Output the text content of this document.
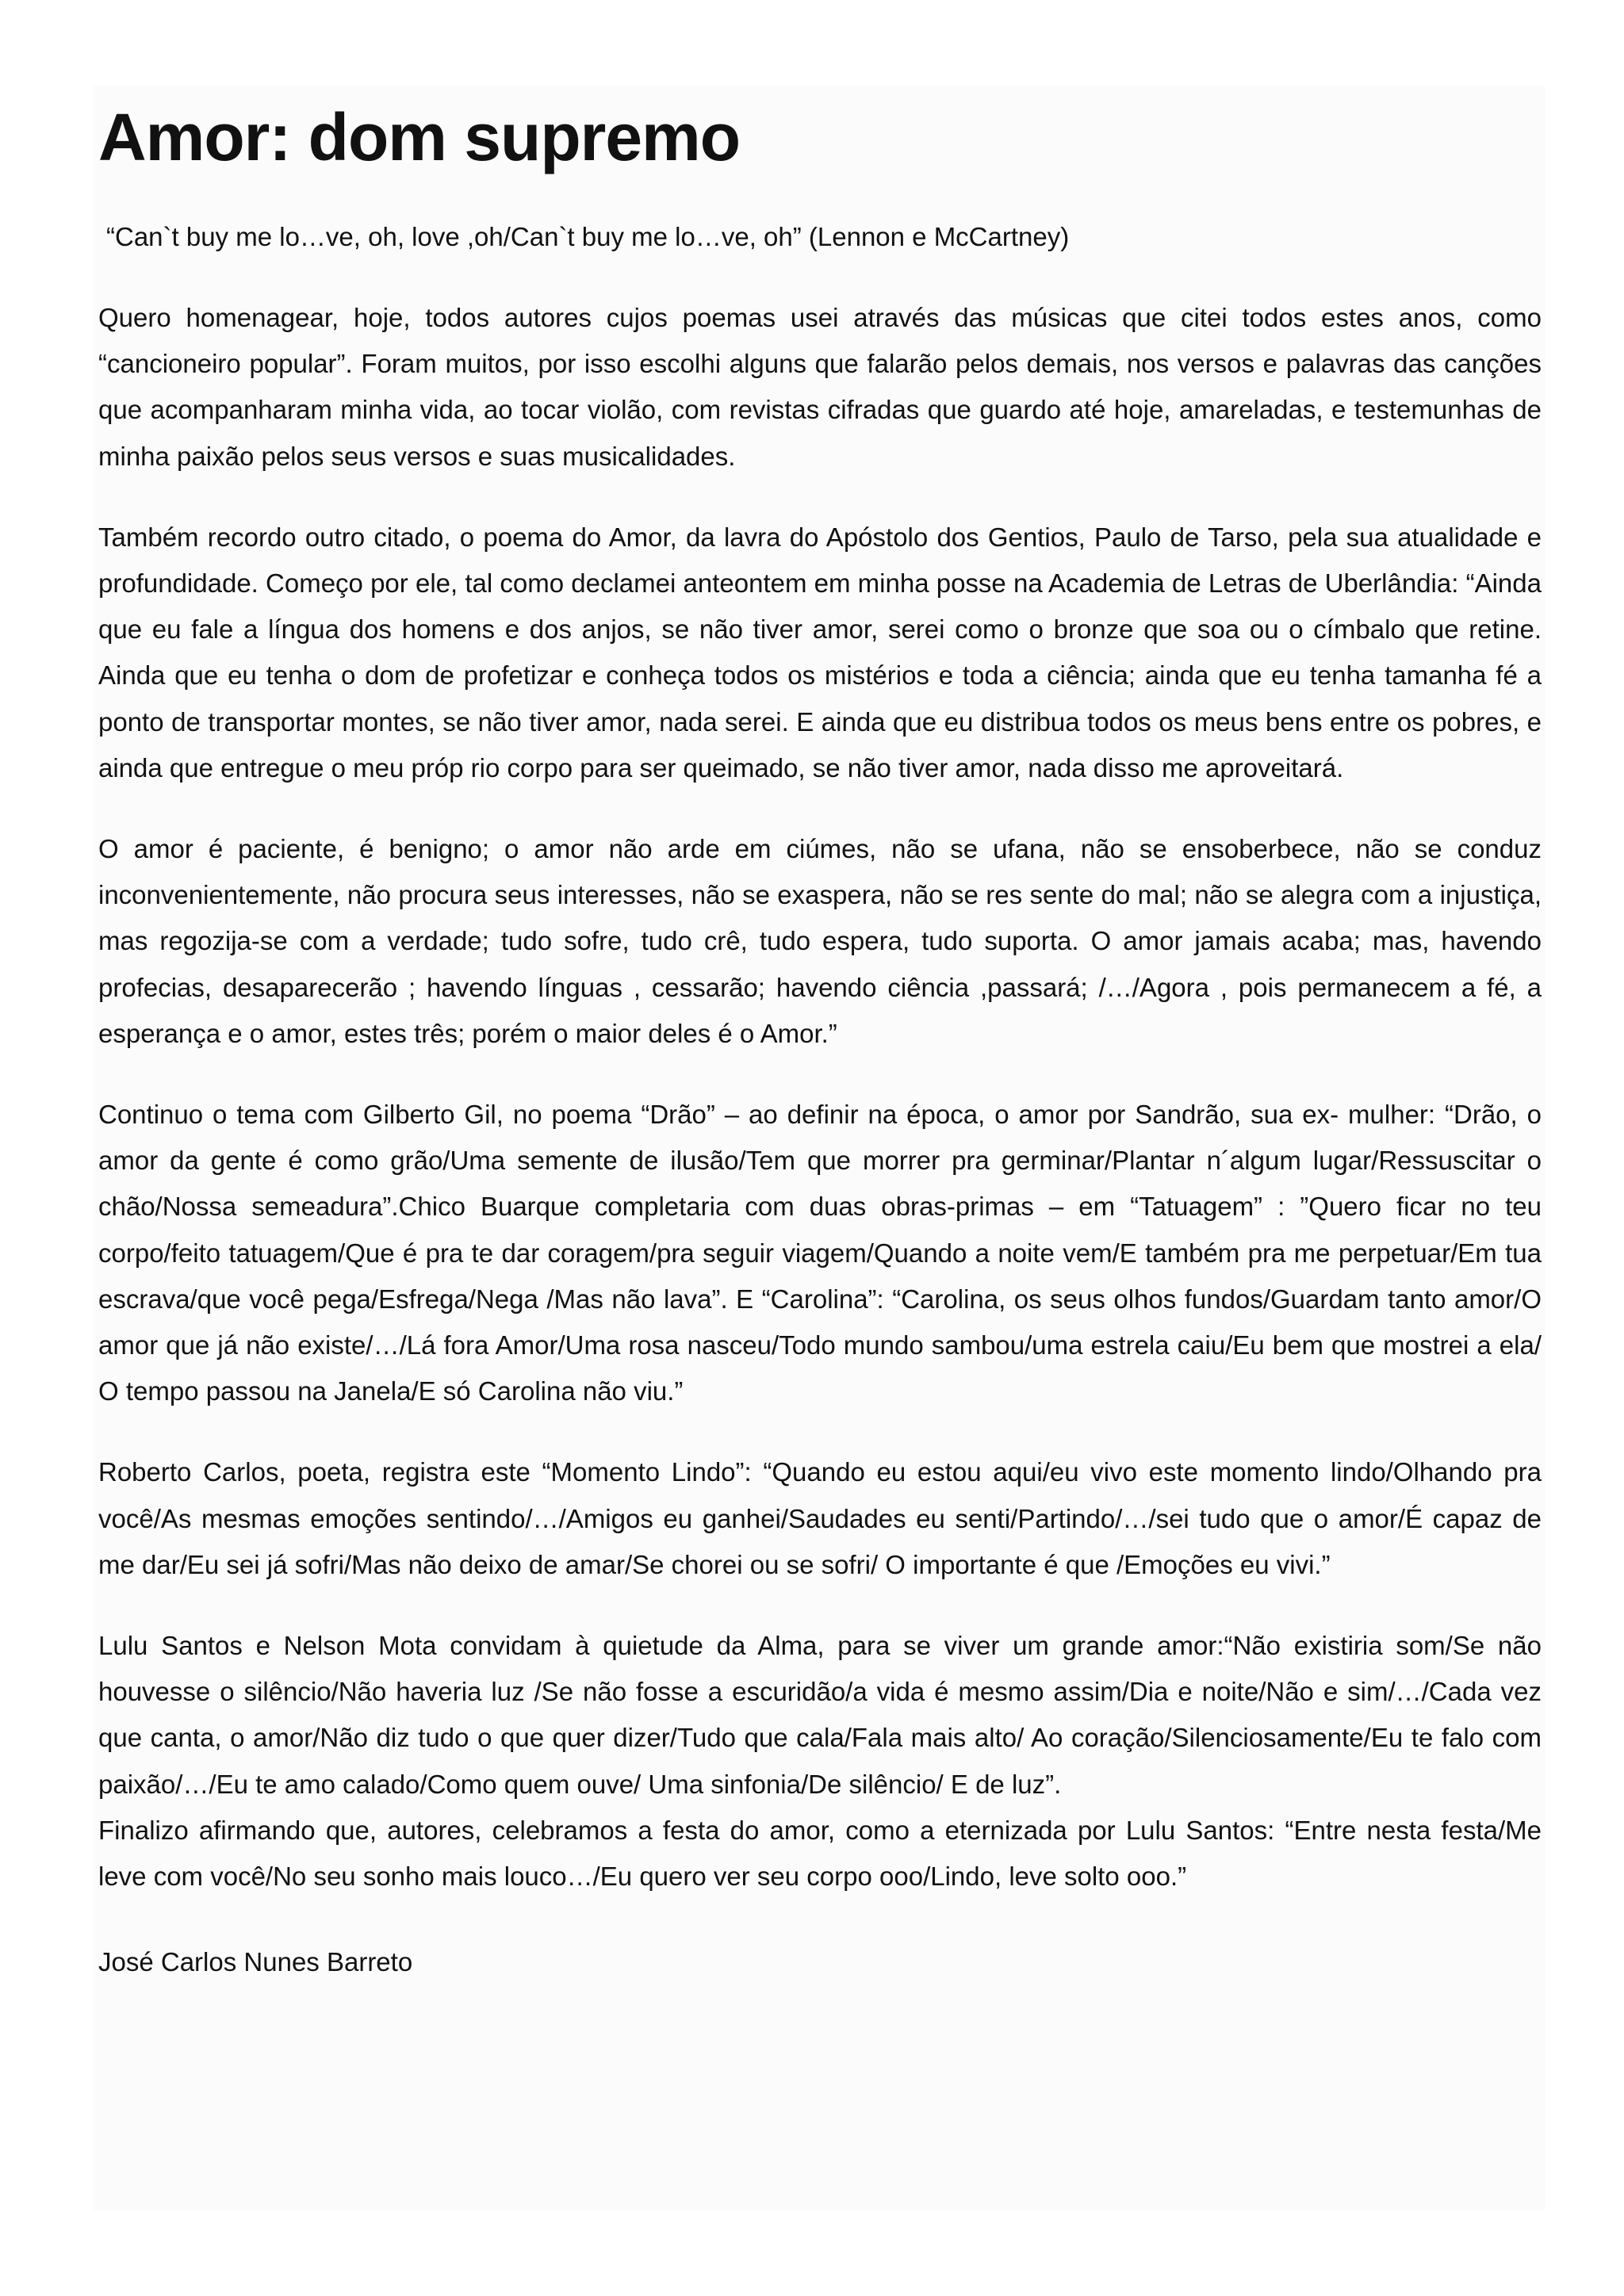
Amor: dom supremo

“Can`t buy me lo…ve, oh, love ,oh/Can`t buy me lo…ve, oh” (Lennon e McCartney)

Quero homenagear, hoje, todos autores cujos poemas usei através das músicas que citei todos estes anos, como “cancioneiro popular”. Foram muitos, por isso escolhi alguns que falarão pelos demais, nos versos e palavras das canções que acompanharam minha vida, ao tocar violão, com revistas cifradas que guardo até hoje, amareladas, e testemunhas de minha paixão pelos seus versos e suas musicalidades.

Também recordo outro citado, o poema do Amor, da lavra do Apóstolo dos Gentios, Paulo de Tarso, pela sua atualidade e profundidade. Começo por ele, tal como declamei anteontem em minha posse na Academia de Letras de Uberlândia: “Ainda que eu fale a língua dos homens e dos anjos, se não tiver amor, serei como o bronze que soa ou o címbalo que retine. Ainda que eu tenha o dom de profetizar e conheça todos os mistérios e toda a ciência; ainda que eu tenha tamanha fé a ponto de transportar montes, se não tiver amor, nada serei. E ainda que eu distribua todos os meus bens entre os pobres, e ainda que entregue o meu próp rio corpo para ser queimado, se não tiver amor, nada disso me aproveitará.

O amor é paciente, é benigno; o amor não arde em ciúmes, não se ufana, não se ensoberbece, não se conduz inconvenientemente, não procura seus interesses, não se exaspera, não se res sente do mal; não se alegra com a injustiça, mas regozija-se com a verdade; tudo sofre, tudo crê, tudo espera, tudo suporta. O amor jamais acaba; mas, havendo profecias, desaparecerão ; havendo línguas , cessarão; havendo ciência ,passará; /…/Agora , pois permanecem a fé, a esperança e o amor, estes três; porém o maior deles é o Amor.”

Continuo o tema com Gilberto Gil, no poema “Drão” – ao definir na época, o amor por Sandrão, sua ex- mulher: “Drão, o amor da gente é como grão/Uma semente de ilusão/Tem que morrer pra germinar/Plantar n´algum lugar/Ressuscitar o chão/Nossa semeadura”.Chico Buarque completaria com duas obras-primas – em “Tatuagem” : ”Quero ficar no teu corpo/feito tatuagem/Que é pra te dar coragem/pra seguir viagem/Quando a noite vem/E também pra me perpetuar/Em tua escrava/que você pega/Esfrega/Nega /Mas não lava”. E “Carolina”: “Carolina, os seus olhos fundos/Guardam tanto amor/O amor que já não existe/…/Lá fora Amor/Uma rosa nasceu/Todo mundo sambou/uma estrela caiu/Eu bem que mostrei a ela/ O tempo passou na Janela/E só Carolina não viu.”

Roberto Carlos, poeta, registra este “Momento Lindo”: “Quando eu estou aqui/eu vivo este momento lindo/Olhando pra você/As mesmas emoções sentindo/…/Amigos eu ganhei/Saudades eu senti/Partindo/…/sei tudo que o amor/É capaz de me dar/Eu sei já sofri/Mas não deixo de amar/Se chorei ou se sofri/ O importante é que /Emoções eu vivi.”

Lulu Santos e Nelson Mota convidam à quietude da Alma, para se viver um grande amor:“Não existiria som/Se não houvesse o silêncio/Não haveria luz /Se não fosse a escuridão/a vida é mesmo assim/Dia e noite/Não e sim/…/Cada vez que canta, o amor/Não diz tudo o que quer dizer/Tudo que cala/Fala mais alto/ Ao coração/Silenciosamente/Eu te falo com paixão/…/Eu te amo calado/Como quem ouve/ Uma sinfonia/De silêncio/ E de luz”.

Finalizo afirmando que, autores, celebramos a festa do amor, como a eternizada por Lulu Santos: “Entre nesta festa/Me leve com você/No seu sonho mais louco…/Eu quero ver seu corpo ooo/Lindo, leve solto ooo.”

José Carlos Nunes Barreto
